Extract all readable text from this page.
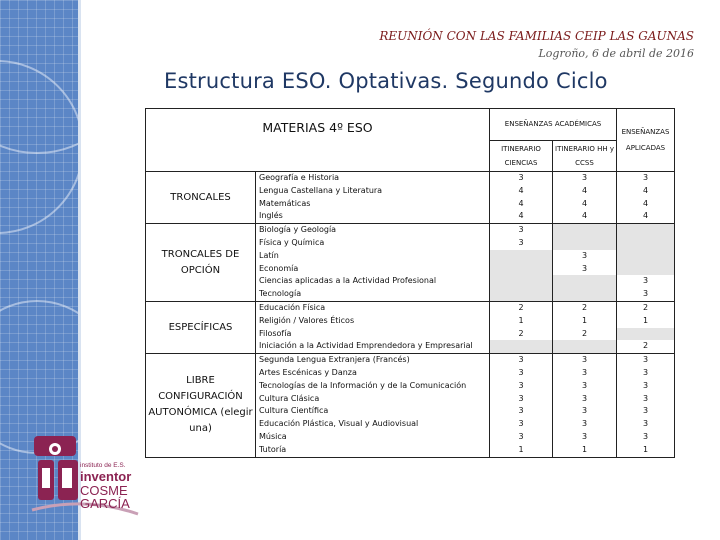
REUNIÓN CON LAS FAMILIAS CEIP LAS GAUNAS
Logroño, 6 de abril de 2016
Estructura ESO. Optativas. Segundo Ciclo
MATERIAS 4º ESO		ENSEÑANZAS ACADÉMICAS		ENSEÑANZAS APLICADAS
		ITINERARIO CIENCIAS	ITINERARIO HH y CCSS	
TRONCALES	Geografía e Historia	3	3	3
	Lengua Castellana y Literatura	4	4	4
	Matemáticas	4	4	4
	Inglés	4	4	4
TRONCALES DE OPCIÓN	Biología y Geología	3		
	Física y Química	3		
	Latín		3	
	Economía		3	
	Ciencias aplicadas a la Actividad Profesional			3
	Tecnología			3
ESPECÍFICAS	Educación Física	2	2	2
	Religión / Valores Éticos	1	1	1
	Filosofía	2	2	
	Iniciación a la Actividad Emprendedora y Empresarial			2
LIBRE CONFIGURACIÓN AUTONÓMICA (elegir una)	Segunda Lengua Extranjera (Francés)	3	3	3
	Artes Escénicas y Danza	3	3	3
	Tecnologías de la Información y de la Comunicación	3	3	3
	Cultura Clásica	3	3	3
	Cultura Científica	3	3	3
	Educación Plástica, Visual y Audiovisual	3	3	3
	Música	3	3	3
	Tutoría	1	1	1
instituto de E.S.
inventor
COSME
GARCÍA
